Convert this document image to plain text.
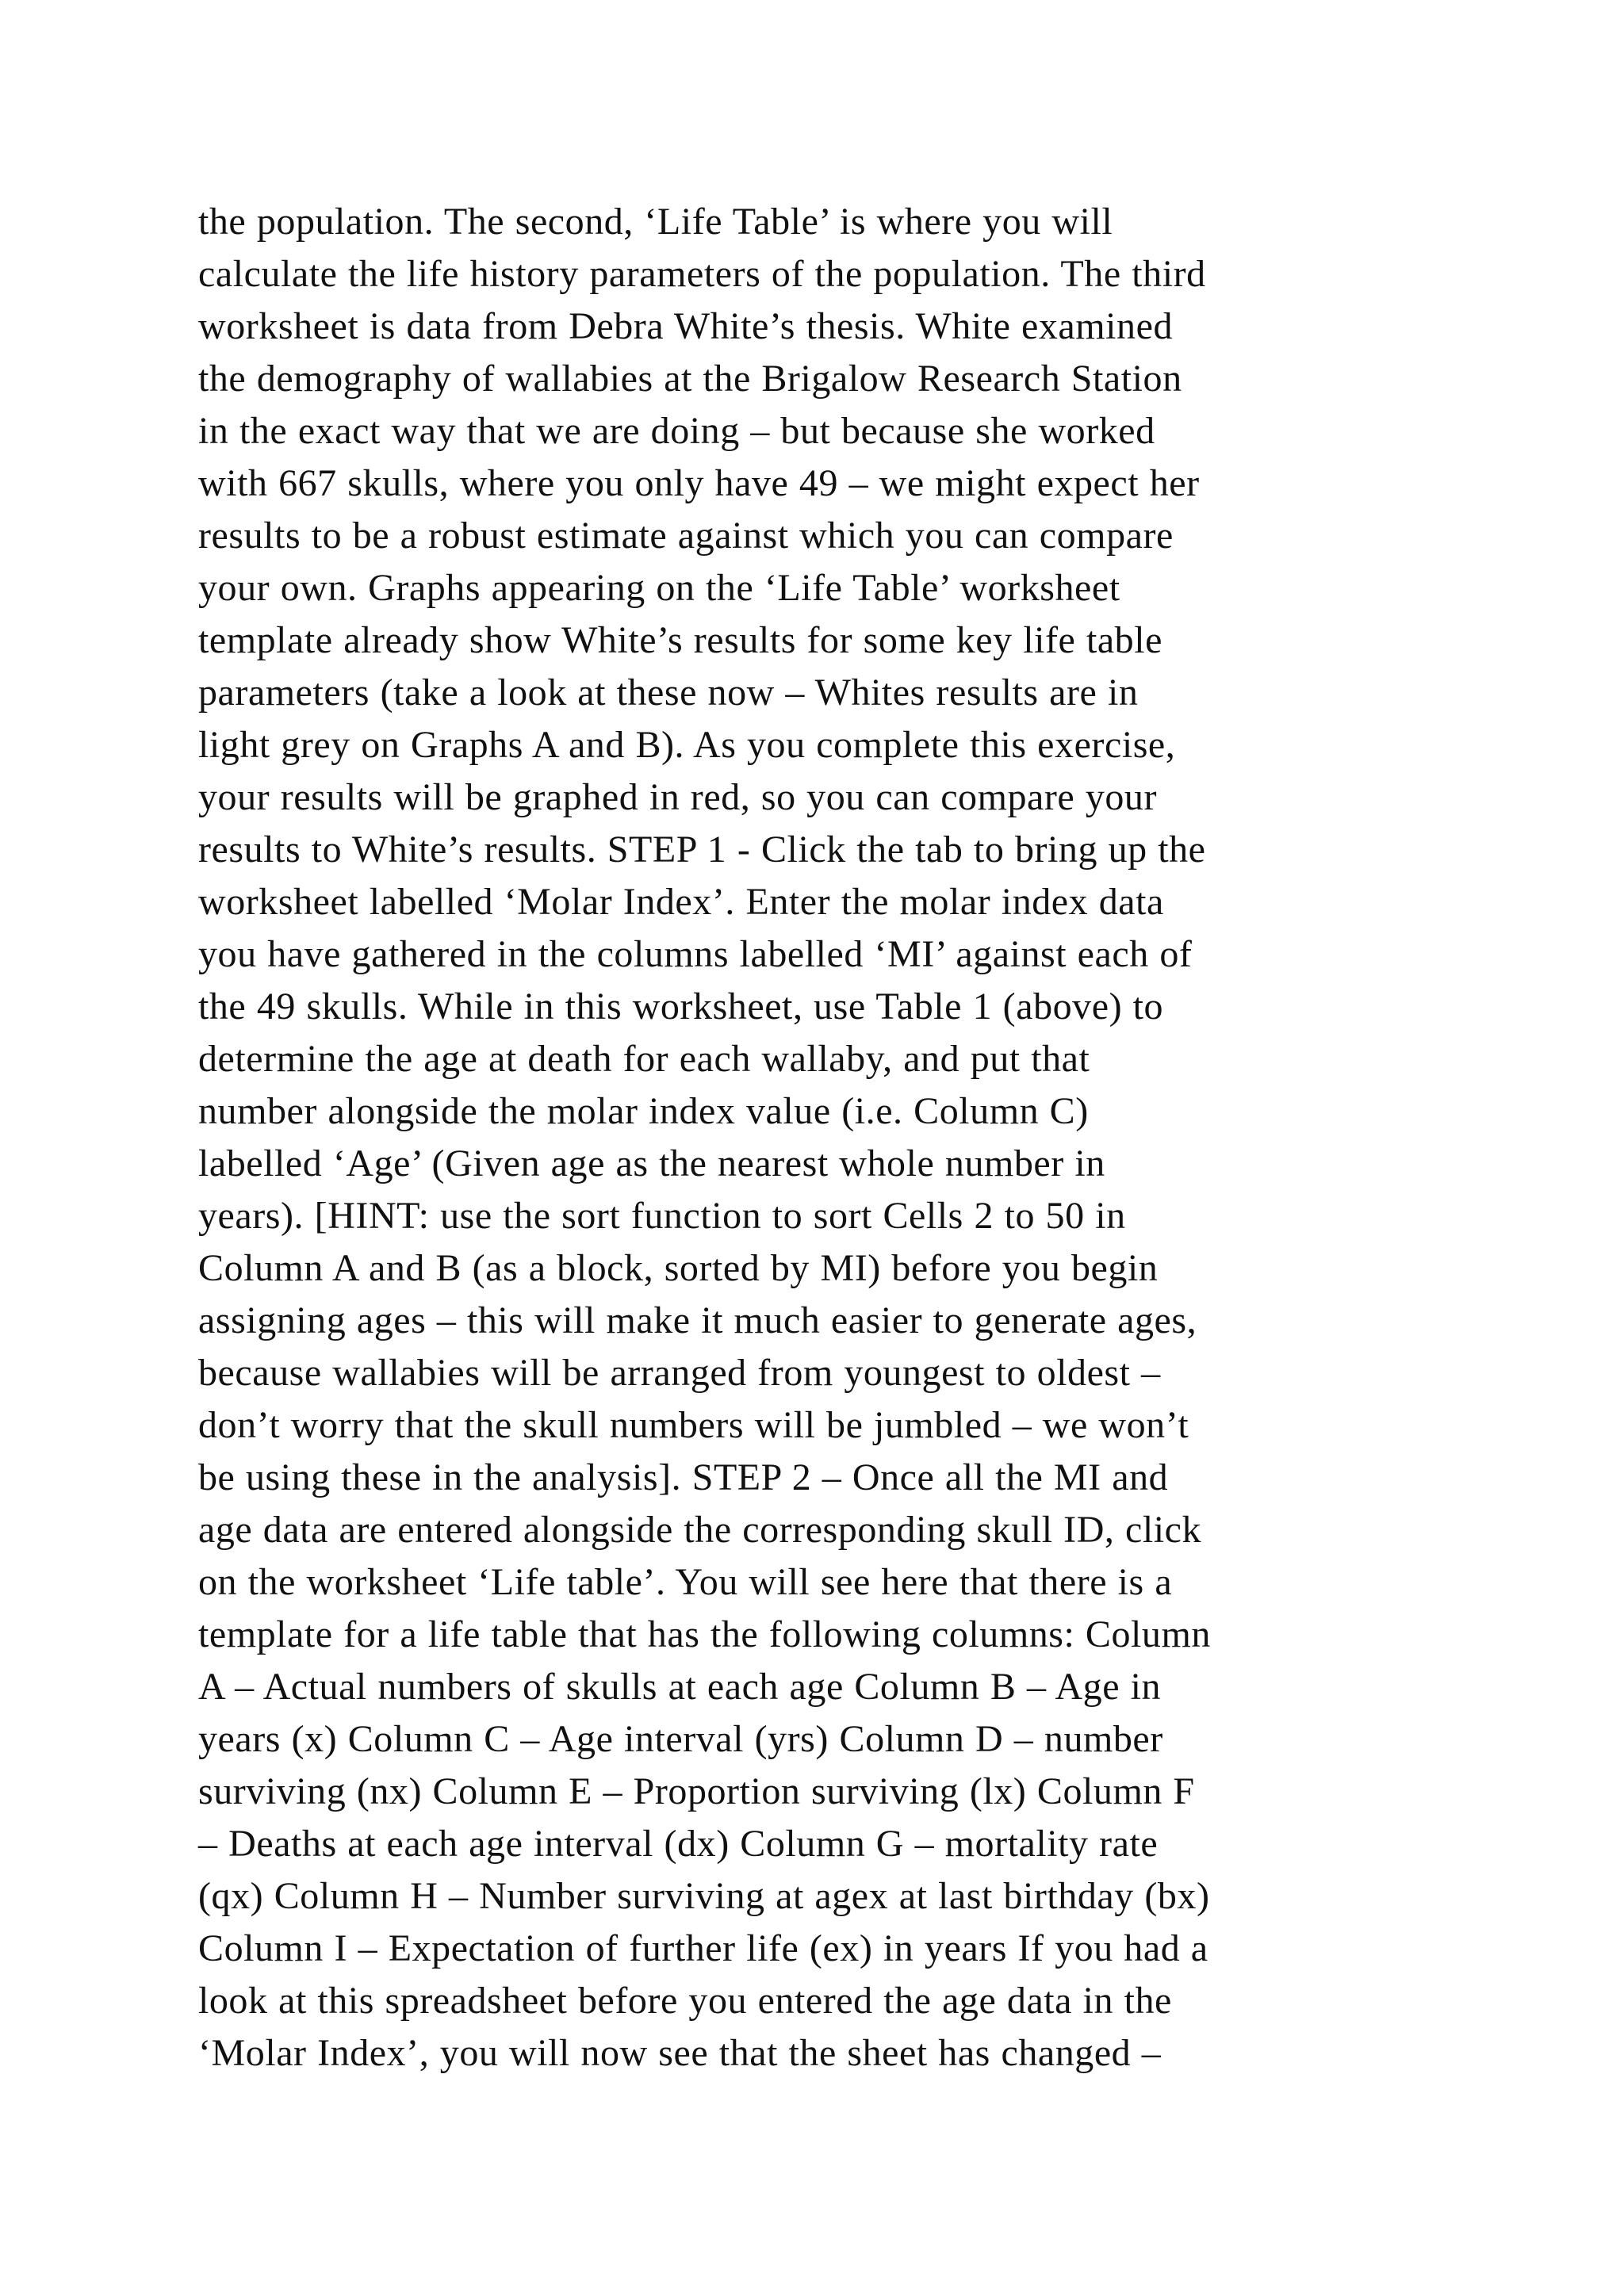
the population. The second, ‘Life Table’ is where you will
calculate the life history parameters of the population. The third
worksheet is data from Debra White’s thesis. White examined
the demography of wallabies at the Brigalow Research Station
in the exact way that we are doing – but because she worked
with 667 skulls, where you only have 49 – we might expect her
results to be a robust estimate against which you can compare
your own. Graphs appearing on the ‘Life Table’ worksheet
template already show White’s results for some key life table
parameters (take a look at these now – Whites results are in
light grey on Graphs A and B). As you complete this exercise,
your results will be graphed in red, so you can compare your
results to White’s results. STEP 1 - Click the tab to bring up the
worksheet labelled ‘Molar Index’. Enter the molar index data
you have gathered in the columns labelled ‘MI’ against each of
the 49 skulls. While in this worksheet, use Table 1 (above) to
determine the age at death for each wallaby, and put that
number alongside the molar index value (i.e. Column C)
labelled ‘Age’ (Given age as the nearest whole number in
years). [HINT: use the sort function to sort Cells 2 to 50 in
Column A and B (as a block, sorted by MI) before you begin
assigning ages – this will make it much easier to generate ages,
because wallabies will be arranged from youngest to oldest –
don’t worry that the skull numbers will be jumbled – we won’t
be using these in the analysis]. STEP 2 – Once all the MI and
age data are entered alongside the corresponding skull ID, click
on the worksheet ‘Life table’. You will see here that there is a
template for a life table that has the following columns: Column
A – Actual numbers of skulls at each age Column B – Age in
years (x) Column C – Age interval (yrs) Column D – number
surviving (nx) Column E – Proportion surviving (lx) Column F
– Deaths at each age interval (dx) Column G – mortality rate
(qx) Column H – Number surviving at agex at last birthday (bx)
Column I – Expectation of further life (ex) in years If you had a
look at this spreadsheet before you entered the age data in the
‘Molar Index’, you will now see that the sheet has changed –
